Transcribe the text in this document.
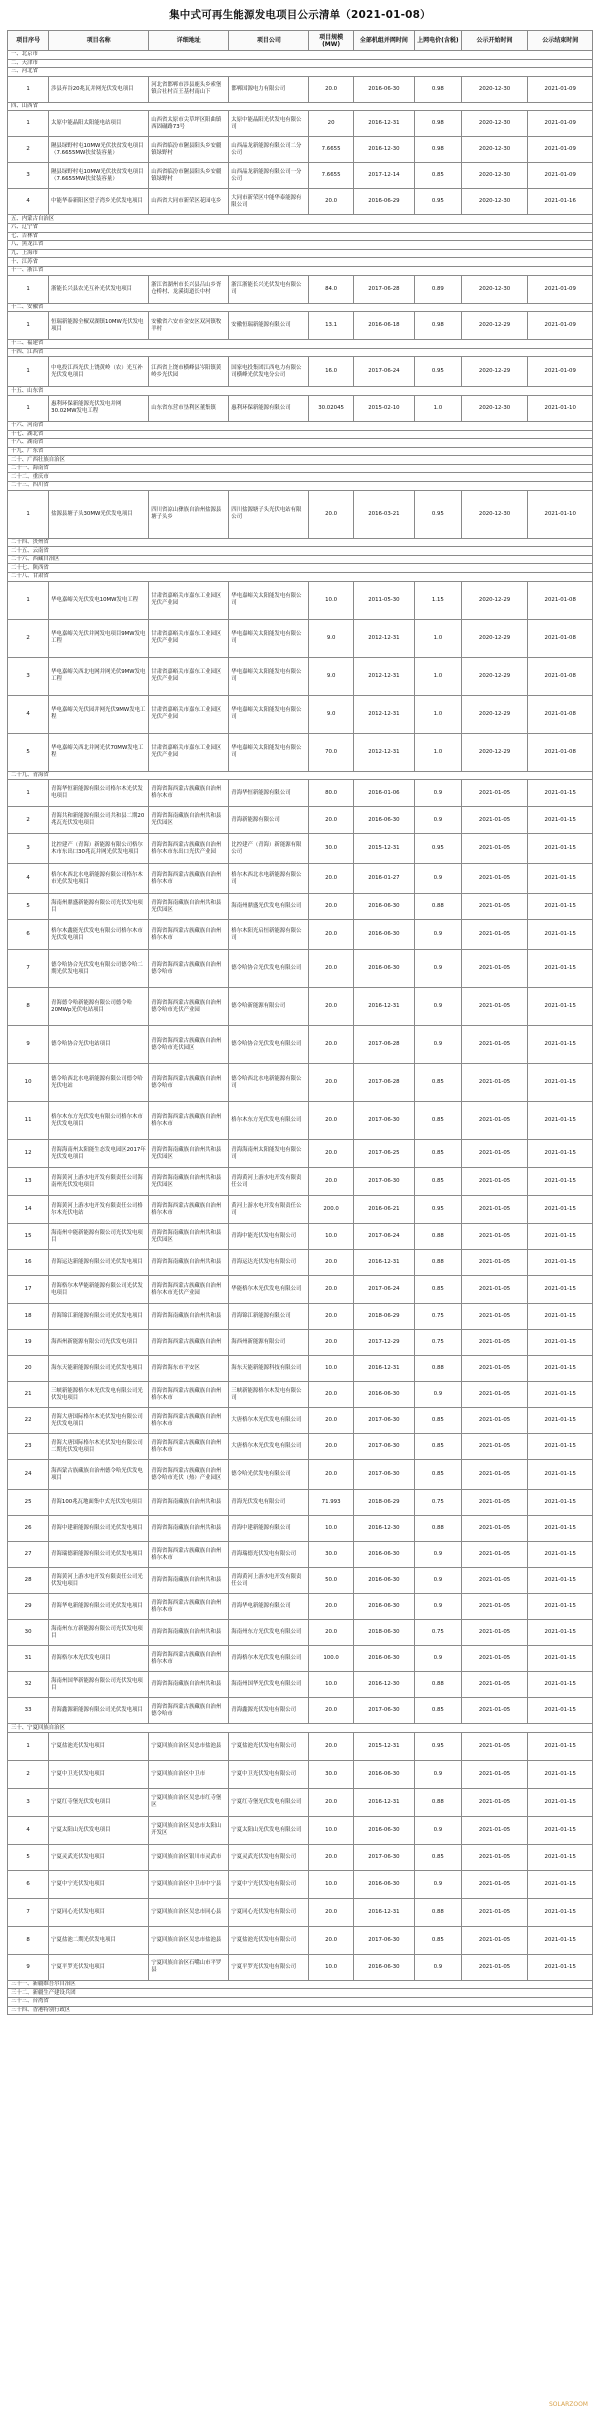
集中式可再生能源发电项目公示清单（2021-01-08）
项目序号	项目名称	详细地址	项目公司	项目规模(MW)	全部机组并网时间	上网电价(含税)	公示开始时间	公示结束时间
一、北京市								
二、天津市								
三、河北省								
1	涉县弃谷20兆瓦并网光伏发电项目	河北省邯郸市涉县鹿头乡索堡镇合社村百王基村南山下	邯郸国源电力有限公司	20.0	2016-06-30	0.98	2020-12-30	2021-01-09
四、山西省								
1	太原中能晶阳太阳能电站项目	山西省太原市尖草坪区阳曲镇西固碾路73号	太原中能晶阳光伏发电有限公司	20	2016-12-31	0.98	2020-12-30	2021-01-09
2	隰县绿野村屯10MW光伏扶贫发电项目（7.6655MW扶贫装容量）	山西省临汾市隰县阳头乡安疆镇绿野村	山西晶龙新能源有限公司二分公司	7.6655	2016-12-30	0.98	2020-12-30	2021-01-09
3	隰县绿野村屯10MW光伏扶贫发电项目（7.6655MW扶贫装容量）	山西省临汾市隰县阳头乡安疆镇绿野村	山西晶龙新能源有限公司一分公司	7.6655	2017-12-14	0.85	2020-12-30	2021-01-09
4	中能华泰新阳区望子湾乡光伏发电项目	山西省大同市新荣区花园屯乡	大同市新荣区中能华泰能源有限公司	20.0	2016-06-29	0.95	2020-12-30	2021-01-16
五、内蒙古自治区								
六、辽宁省								
七、吉林省								
八、黑龙江省								
九、上海市								
十、江苏省								
十一、浙江省								
1	浙能长兴县农光互补光伏发电项目	浙江省湖州市长兴县吕山乡胥仓桥村、龙溪街道长中村	浙江浙能长兴光伏发电有限公司	84.0	2017-06-28	0.89	2020-12-30	2021-01-09
十二、安徽省								
1	恒瑞新能源全椒双湖镇10MW光伏发电项目	安徽省六安市金安区双河镇牧羊村	安徽恒瑞新能源有限公司	13.1	2016-06-18	0.98	2020-12-29	2021-01-09
十三、福建省								
十四、江西省								
1	中电投江西光伏上饶黄岭（农）光互补光伏发电项目	江西省上饶市横峰县岑阳镇黄岭乡光伏园	国家电投集团江西电力有限公司横峰光伏发电分公司	16.0	2017-06-24	0.95	2020-12-29	2021-01-09
十五、山东省								
1	惠利环保新能源光伏发电并网30.02MW发电工程	山东省东营市垦利区董集镇	惠利环保新能源有限公司	30.02045	2015-02-10	1.0	2020-12-30	2021-01-10
十六、河南省								
十七、湖北省								
十八、湖南省								
十九、广东省								
二十、广西壮族自治区								
二十一、海南省								
二十二、重庆市								
二十三、四川省								
1	盐源县塘子头30MW光伏发电项目	四川省凉山彝族自治州盐源县塘子头乡	四川盐源塘子头光伏电站有限公司	20.0	2016-03-21	0.95	2020-12-30	2021-01-10
二十四、贵州省								
二十五、云南省								
二十六、西藏自治区								
二十七、陕西省								
二十八、甘肃省								
1	华电嘉峪关光伏发电10MW发电工程	甘肃省嘉峪关市嘉东工业园区光伏产业园	华电嘉峪关太阳能发电有限公司	10.0	2011-05-30	1.15	2020-12-29	2021-01-08
2	华电嘉峪关光伏并网发电项目9MW发电工程	甘肃省嘉峪关市嘉东工业园区光伏产业园	华电嘉峪关太阳能发电有限公司	9.0	2012-12-31	1.0	2020-12-29	2021-01-08
3	华电嘉峪关西北电网并网光伏9MW发电工程	甘肃省嘉峪关市嘉东工业园区光伏产业园	华电嘉峪关太阳能发电有限公司	9.0	2012-12-31	1.0	2020-12-29	2021-01-08
4	华电嘉峪关光伏园并网光伏9MW发电工程	甘肃省嘉峪关市嘉东工业园区光伏产业园	华电嘉峪关太阳能发电有限公司	9.0	2012-12-31	1.0	2020-12-29	2021-01-08
5	华电嘉峪关西北并网光伏70MW发电工程	甘肃省嘉峪关市嘉东工业园区光伏产业园	华电嘉峪关太阳能发电有限公司	70.0	2012-12-31	1.0	2020-12-29	2021-01-08
二十九、青海省								
1	青海华恒新能源有限公司格尔木光伏发电项目	青海省海西蒙古族藏族自治州格尔木市	青海华恒新能源有限公司	80.0	2016-01-06	0.9	2021-01-05	2021-01-15
2	青海共和新能源有限公司共和县二期20兆瓦光伏发电项目	青海省海南藏族自治州共和县光伏园区	青海新能源有限公司	20.0	2016-06-30	0.9	2021-01-05	2021-01-15
3	比控建产（青海）新能源有限公司格尔木市东出口30兆瓦并网光伏发电项目	青海省海西蒙古族藏族自治州格尔木市东出口光伏产业园	比控建产（青海）新能源有限公司	30.0	2015-12-31	0.95	2021-01-05	2021-01-15
4	格尔木西北水电新能源有限公司格尔木市光伏发电项目	青海省海西蒙古族藏族自治州格尔木市	格尔木西北水电新能源有限公司	20.0	2016-01-27	0.9	2021-01-05	2021-01-15
5	海南州鼎盛新能源有限公司光伏发电项目	青海省海南藏族自治州共和县光伏园区	海南州鼎盛光伏发电有限公司	20.0	2016-06-30	0.88	2021-01-05	2021-01-15
6	格尔木鑫能光伏发电有限公司格尔木市光伏发电项目	青海省海西蒙古族藏族自治州格尔木市	格尔木阳光启恒新能源有限公司	20.0	2016-06-30	0.9	2021-01-05	2021-01-15
7	德令哈协合光伏发电有限公司德令哈二期光伏发电项目	青海省海西蒙古族藏族自治州德令哈市	德令哈协合光伏发电有限公司	20.0	2016-06-30	0.9	2021-01-05	2021-01-15
8	青海德令哈新能源有限公司德令哈20MWp光伏电站项目	青海省海西蒙古族藏族自治州德令哈市光伏产业园	德令哈新能源有限公司	20.0	2016-12-31	0.9	2021-01-05	2021-01-15
9	德令哈协合光伏电站项目	青海省海西蒙古族藏族自治州德令哈市光伏园区	德令哈协合光伏发电有限公司	20.0	2017-06-28	0.9	2021-01-05	2021-01-15
10	德令哈西北水电新能源有限公司德令哈光伏电站	青海省海西蒙古族藏族自治州德令哈市	德令哈西北水电新能源有限公司	20.0	2017-06-28	0.85	2021-01-05	2021-01-15
11	格尔木东方光伏发电有限公司格尔木市光伏发电项目	青海省海西蒙古族藏族自治州格尔木市	格尔木东方光伏发电有限公司	20.0	2017-06-30	0.85	2021-01-05	2021-01-15
12	青海海南州太阳能生态发电园区2017年光伏发电项目	青海省海南藏族自治州共和县光伏园区	青海海南州太阳能发电有限公司	20.0	2017-06-25	0.85	2021-01-05	2021-01-15
13	青海黄河上游水电开发有限责任公司海南州光伏发电项目	青海省海南藏族自治州共和县光伏园区	青海黄河上游水电开发有限责任公司	20.0	2017-06-30	0.85	2021-01-05	2021-01-15
14	青海黄河上游水电开发有限责任公司格尔木光伏电站	青海省海西蒙古族藏族自治州格尔木市	黄河上游水电开发有限责任公司	200.0	2016-06-21	0.95	2021-01-05	2021-01-15
15	海南州中能新能源有限公司光伏发电项目	青海省海南藏族自治州共和县光伏园区	青海中能光伏发电有限公司	10.0	2017-06-24	0.88	2021-01-05	2021-01-15
16	青海运达新能源有限公司光伏发电项目	青海省海南藏族自治州共和县	青海运达光伏发电有限公司	20.0	2016-12-31	0.88	2021-01-05	2021-01-15
17	青海格尔木华能新能源有限公司光伏发电项目	青海省海西蒙古族藏族自治州格尔木市光伏产业园	华能格尔木光伏发电有限公司	20.0	2017-06-24	0.85	2021-01-05	2021-01-15
18	青海锦江新能源有限公司光伏发电项目	青海省海南藏族自治州共和县	青海锦江新能源有限公司	20.0	2018-06-29	0.75	2021-01-05	2021-01-15
19	海西州新能源有限公司光伏发电项目	青海省海西蒙古族藏族自治州	海西州新能源有限公司	20.0	2017-12-29	0.75	2021-01-05	2021-01-15
20	海东天能新能源有限公司光伏发电项目	青海省海东市平安区	海东天能新能源科技有限公司	10.0	2016-12-31	0.88	2021-01-05	2021-01-15
21	三峡新能源格尔木光伏发电有限公司光伏发电项目	青海省海西蒙古族藏族自治州格尔木市	三峡新能源格尔木发电有限公司	20.0	2016-06-30	0.9	2021-01-05	2021-01-15
22	青海大唐国际格尔木光伏发电有限公司光伏发电项目	青海省海西蒙古族藏族自治州格尔木市	大唐格尔木光伏发电有限公司	20.0	2017-06-30	0.85	2021-01-05	2021-01-15
23	青海大唐国际格尔木光伏发电有限公司二期光伏发电项目	青海省海西蒙古族藏族自治州格尔木市	大唐格尔木光伏发电有限公司	20.0	2017-06-30	0.85	2021-01-05	2021-01-15
24	海西蒙古族藏族自治州德令哈光伏发电项目	青海省海西蒙古族藏族自治州德令哈市光伏（热）产业园区	德令哈光伏发电有限公司	20.0	2017-06-30	0.85	2021-01-05	2021-01-15
25	青海100兆瓦地面集中式光伏发电项目	青海省海南藏族自治州共和县	青海光伏发电有限公司	71.993	2018-06-29	0.75	2021-01-05	2021-01-15
26	青海中建新能源有限公司光伏发电项目	青海省海南藏族自治州共和县	青海中建新能源有限公司	10.0	2016-12-30	0.88	2021-01-05	2021-01-15
27	青海瑞德新能源有限公司光伏发电项目	青海省海西蒙古族藏族自治州格尔木市	青海瑞德光伏发电有限公司	30.0	2016-06-30	0.9	2021-01-05	2021-01-15
28	青海黄河上游水电开发有限责任公司光伏发电项目	青海省海南藏族自治州共和县	青海黄河上游水电开发有限责任公司	50.0	2016-06-30	0.9	2021-01-05	2021-01-15
29	青海华电新能源有限公司光伏发电项目	青海省海西蒙古族藏族自治州格尔木市	青海华电新能源有限公司	20.0	2016-06-30	0.9	2021-01-05	2021-01-15
30	海南州东方新能源有限公司光伏发电项目	青海省海南藏族自治州共和县	海南州东方光伏发电有限公司	20.0	2018-06-30	0.75	2021-01-05	2021-01-15
31	青海格尔木光伏发电项目	青海省海西蒙古族藏族自治州格尔木市	青海格尔木光伏发电有限公司	100.0	2016-06-30	0.9	2021-01-05	2021-01-15
32	海南州国华新能源有限公司光伏发电项目	青海省海南藏族自治州共和县	海南州国华光伏发电有限公司	10.0	2016-12-30	0.88	2021-01-05	2021-01-15
33	青海鑫源新能源有限公司光伏发电项目	青海省海西蒙古族藏族自治州德令哈市	青海鑫源光伏发电有限公司	20.0	2017-06-30	0.85	2021-01-05	2021-01-15
三十、宁夏回族自治区								
1	宁夏盐池光伏发电项目	宁夏回族自治区吴忠市盐池县	宁夏盐池光伏发电有限公司	20.0	2015-12-31	0.95	2021-01-05	2021-01-15
2	宁夏中卫光伏发电项目	宁夏回族自治区中卫市	宁夏中卫光伏发电有限公司	30.0	2016-06-30	0.9	2021-01-05	2021-01-15
3	宁夏红寺堡光伏发电项目	宁夏回族自治区吴忠市红寺堡区	宁夏红寺堡光伏发电有限公司	20.0	2016-12-31	0.88	2021-01-05	2021-01-15
4	宁夏太阳山光伏发电项目	宁夏回族自治区吴忠市太阳山开发区	宁夏太阳山光伏发电有限公司	10.0	2016-06-30	0.9	2021-01-05	2021-01-15
5	宁夏灵武光伏发电项目	宁夏回族自治区银川市灵武市	宁夏灵武光伏发电有限公司	20.0	2017-06-30	0.85	2021-01-05	2021-01-15
6	宁夏中宁光伏发电项目	宁夏回族自治区中卫市中宁县	宁夏中宁光伏发电有限公司	10.0	2016-06-30	0.9	2021-01-05	2021-01-15
7	宁夏同心光伏发电项目	宁夏回族自治区吴忠市同心县	宁夏同心光伏发电有限公司	20.0	2016-12-31	0.88	2021-01-05	2021-01-15
8	宁夏盐池二期光伏发电项目	宁夏回族自治区吴忠市盐池县	宁夏盐池光伏发电有限公司	20.0	2017-06-30	0.85	2021-01-05	2021-01-15
9	宁夏平罗光伏发电项目	宁夏回族自治区石嘴山市平罗县	宁夏平罗光伏发电有限公司	10.0	2016-06-30	0.9	2021-01-05	2021-01-15
三十一、新疆维吾尔自治区								
三十二、新疆生产建设兵团								
三十三、台湾省								
三十四、香港特别行政区								
SOLARZOOM
